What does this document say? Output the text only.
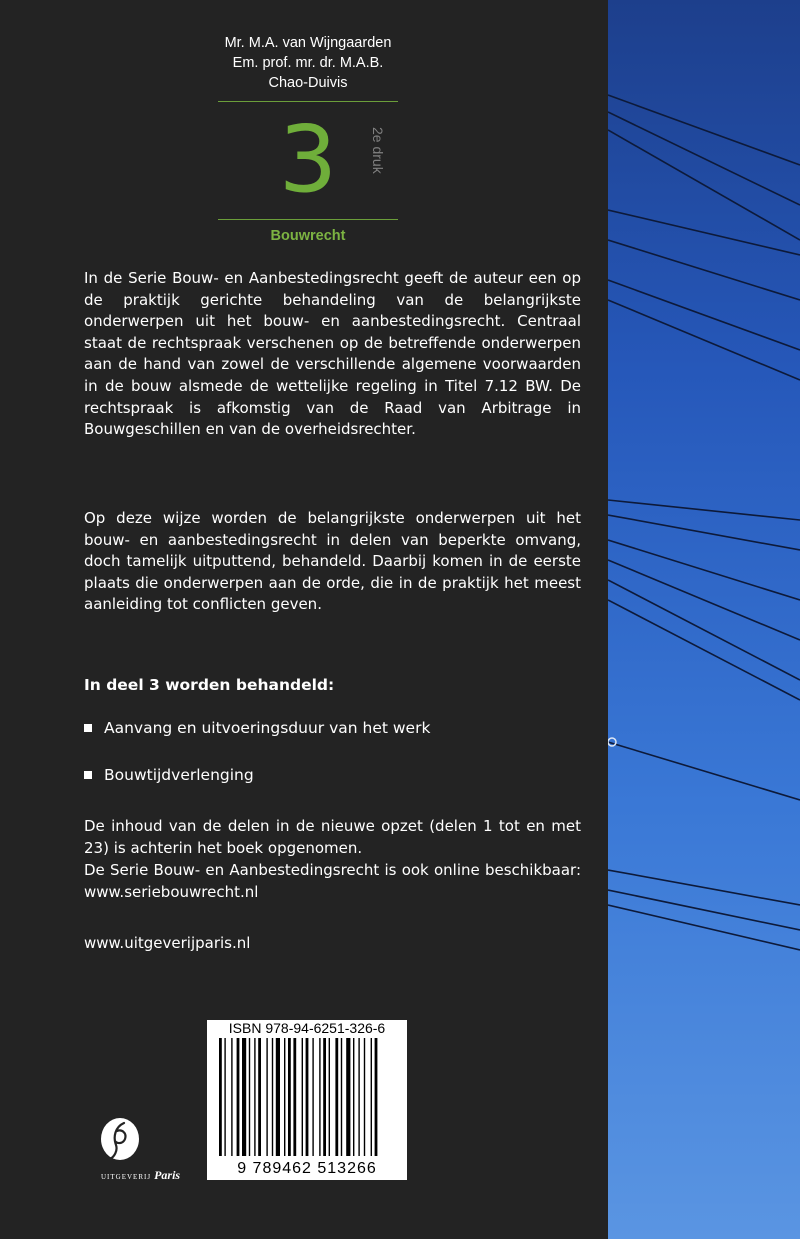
Mr. M.A. van Wijngaarden
Em. prof. mr. dr. M.A.B.
Chao-Duivis
3	2e druk
Bouwrecht
In de Serie Bouw- en Aanbestedingsrecht geeft de auteur een op de praktijk gerichte behandeling van de belangrijkste onderwerpen uit het bouw- en aanbestedingsrecht. Centraal staat de rechtspraak verschenen op de betreffende onderwerpen aan de hand van zowel de verschillende algemene voorwaarden in de bouw alsmede de wettelijke regeling in Titel 7.12 BW. De rechtspraak is afkomstig van de Raad van Arbitrage in Bouwgeschillen en van de overheidsrechter.
Op deze wijze worden de belangrijkste onderwerpen uit het bouw- en aanbestedingsrecht in delen van beperkte omvang, doch tamelijk uitputtend, behandeld. Daarbij komen in de eerste plaats die onderwerpen aan de orde, die in de praktijk het meest aanleiding tot conflicten geven.
In deel 3 worden behandeld:
Aanvang en uitvoeringsduur van het werk
Bouwtijdverlenging
De inhoud van de delen in de nieuwe opzet (delen 1 tot en met 23) is achterin het boek opgenomen.
De Serie Bouw- en Aanbestedingsrecht is ook online beschikbaar: www.seriebouwrecht.nl
www.uitgeverijparis.nl
ISBN 978-94-6251-326-6
9 789462 513266
UITGEVERIJ Paris
